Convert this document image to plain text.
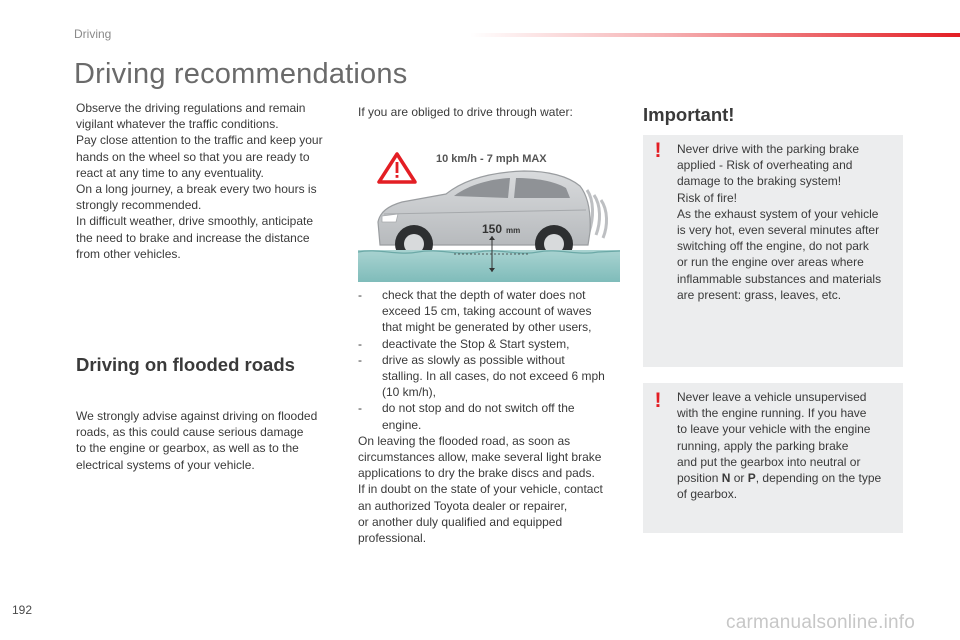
Driving
Driving recommendations

Observe the driving regulations and remain
vigilant whatever the traffic conditions.
Pay close attention to the traffic and keep your
hands on the wheel so that you are ready to
react at any time to any eventuality.
On a long journey, a break every two hours is
strongly recommended.
In difficult weather, drive smoothly, anticipate
the need to brake and increase the distance
from other vehicles.

Driving on flooded roads

We strongly advise against driving on flooded
roads, as this could cause serious damage
to the engine or gearbox, as well as to the
electrical systems of your vehicle.

If you are obliged to drive through water:

10 km/h - 7 mph MAX
150 mm
- check that the depth of water does not
exceed 15 cm, taking account of waves
that might be generated by other users,
- deactivate the Stop & Start system,
- drive as slowly as possible without
stalling. In all cases, do not exceed 6 mph
(10 km/h),
- do not stop and do not switch off the
engine.

On leaving the flooded road, as soon as
circumstances allow, make several light brake
applications to dry the brake discs and pads.
If in doubt on the state of your vehicle, contact
an authorized Toyota dealer or repairer,
or another duly qualified and equipped
professional.

Important!
! Never drive with the parking brake
applied - Risk of overheating and
damage to the braking system!
Risk of fire!
As the exhaust system of your vehicle
is very hot, even several minutes after
switching off the engine, do not park
or run the engine over areas where
inflammable substances and materials
are present: grass, leaves, etc.

! Never leave a vehicle unsupervised
with the engine running. If you have
to leave your vehicle with the engine
running, apply the parking brake
and put the gearbox into neutral or
position N or P, depending on the type
of gearbox.

192
carmanualsonline.info
